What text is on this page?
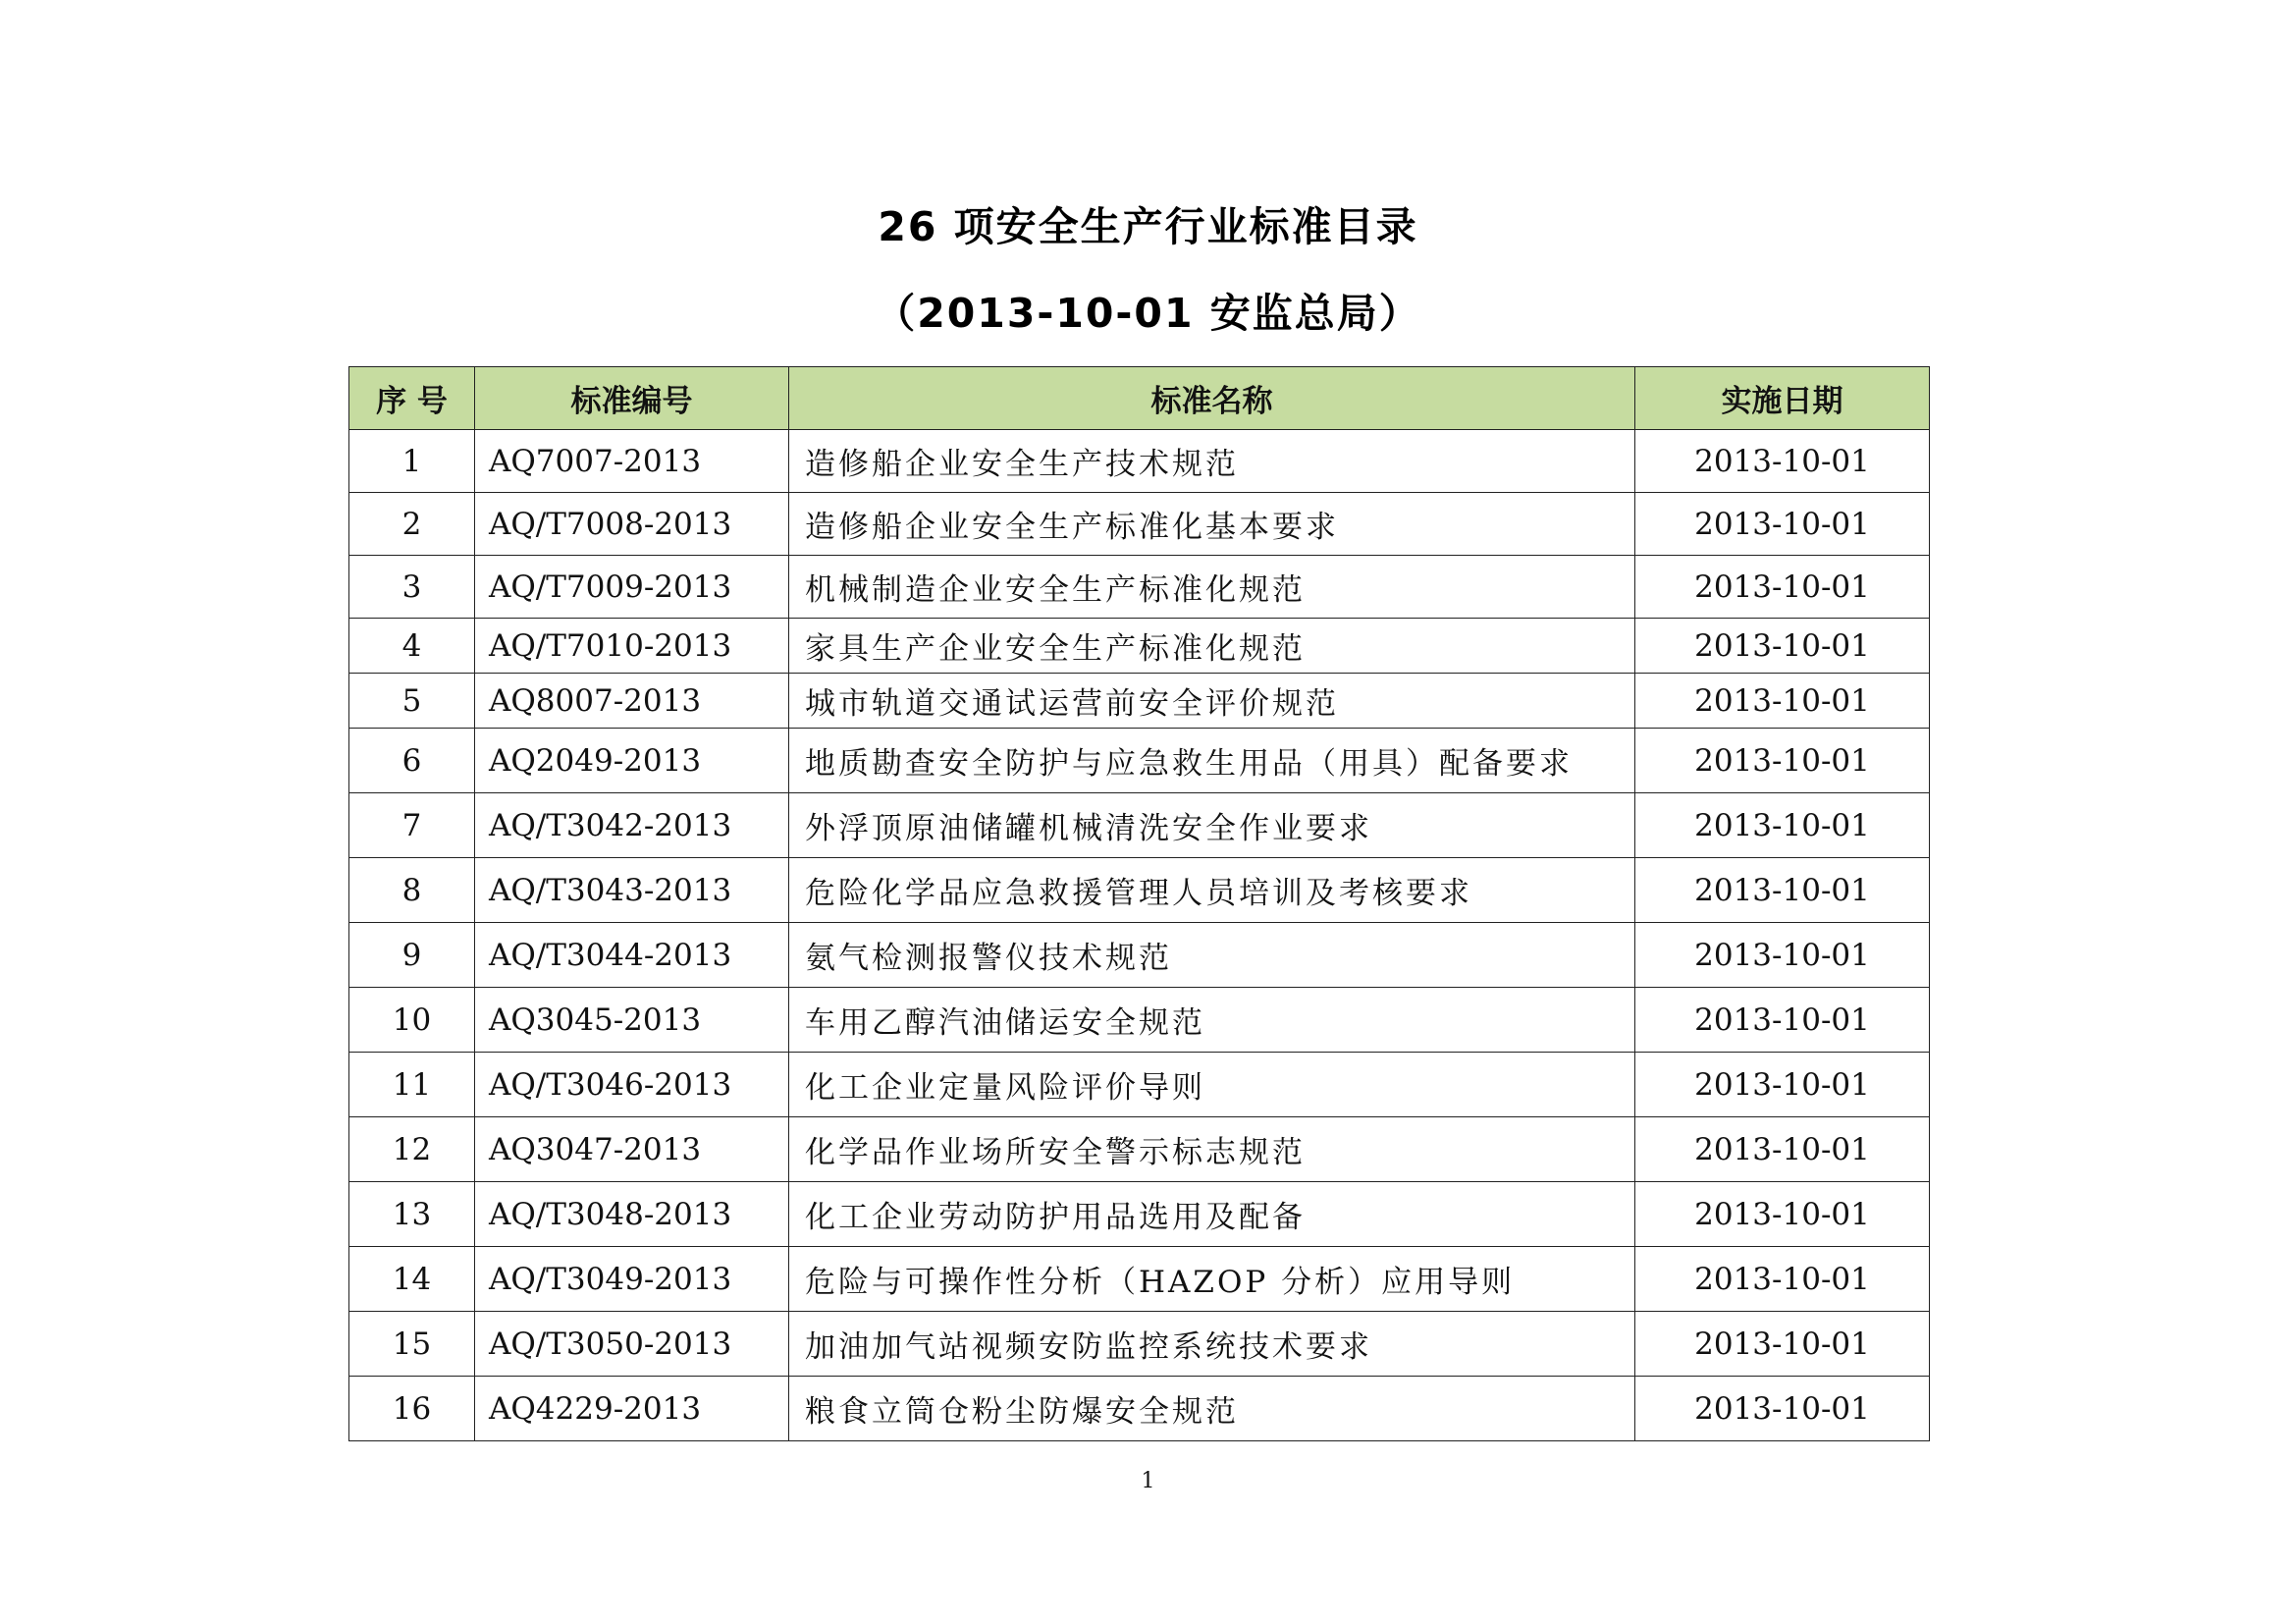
26 项安全生产行业标准目录
（2013-10-01 安监总局）
序 号	标准编号	标准名称	实施日期
1	AQ7007-2013	造修船企业安全生产技术规范	2013-10-01
2	AQ/T7008-2013	造修船企业安全生产标准化基本要求	2013-10-01
3	AQ/T7009-2013	机械制造企业安全生产标准化规范	2013-10-01
4	AQ/T7010-2013	家具生产企业安全生产标准化规范	2013-10-01
5	AQ8007-2013	城市轨道交通试运营前安全评价规范	2013-10-01
6	AQ2049-2013	地质勘查安全防护与应急救生用品（用具）配备要求	2013-10-01
7	AQ/T3042-2013	外浮顶原油储罐机械清洗安全作业要求	2013-10-01
8	AQ/T3043-2013	危险化学品应急救援管理人员培训及考核要求	2013-10-01
9	AQ/T3044-2013	氨气检测报警仪技术规范	2013-10-01
10	AQ3045-2013	车用乙醇汽油储运安全规范	2013-10-01
11	AQ/T3046-2013	化工企业定量风险评价导则	2013-10-01
12	AQ3047-2013	化学品作业场所安全警示标志规范	2013-10-01
13	AQ/T3048-2013	化工企业劳动防护用品选用及配备	2013-10-01
14	AQ/T3049-2013	危险与可操作性分析（HAZOP 分析）应用导则	2013-10-01
15	AQ/T3050-2013	加油加气站视频安防监控系统技术要求	2013-10-01
16	AQ4229-2013	粮食立筒仓粉尘防爆安全规范	2013-10-01
1
